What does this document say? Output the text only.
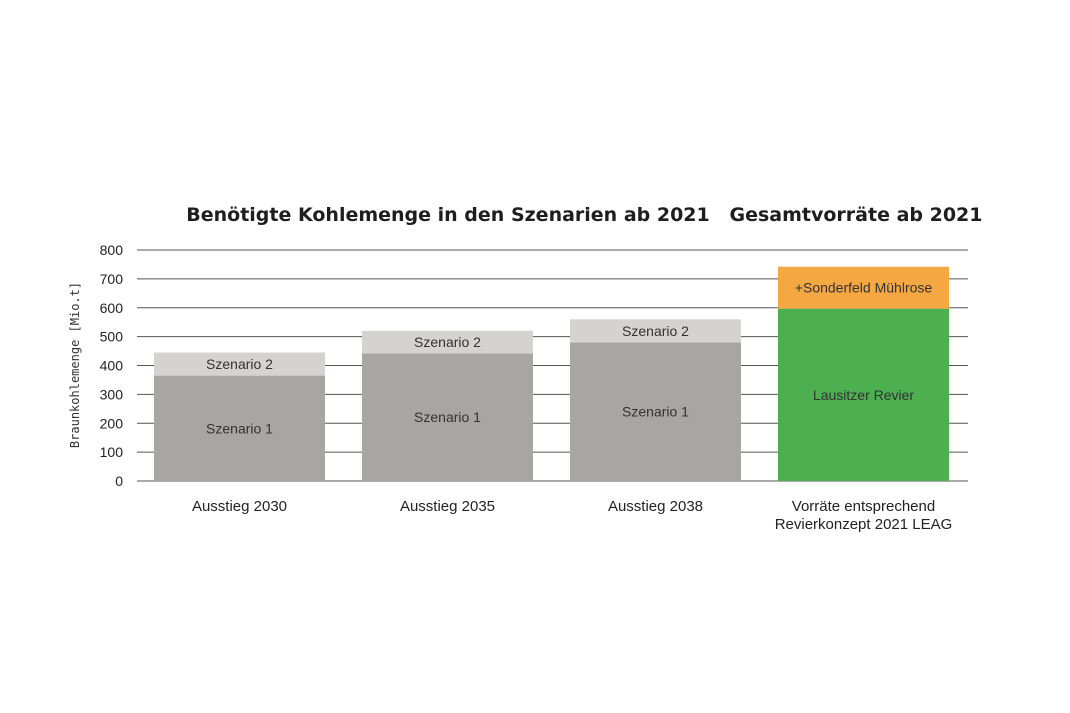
Benötigte Kohlemenge in den Szenarien ab 2021 Gesamtvorräte ab 2021
Braunkohlemenge [Mio.t]
0
100
200
300
400
500
600
700
800
Szenario 1
Szenario 2
Szenario 1
Szenario 2
Szenario 1
Szenario 2
Lausitzer Revier
+Sonderfeld Mühlrose
Ausstieg 2030	Ausstieg 2035	Ausstieg 2038	Vorräte entsprechend
Revierkonzept 2021 LEAG
